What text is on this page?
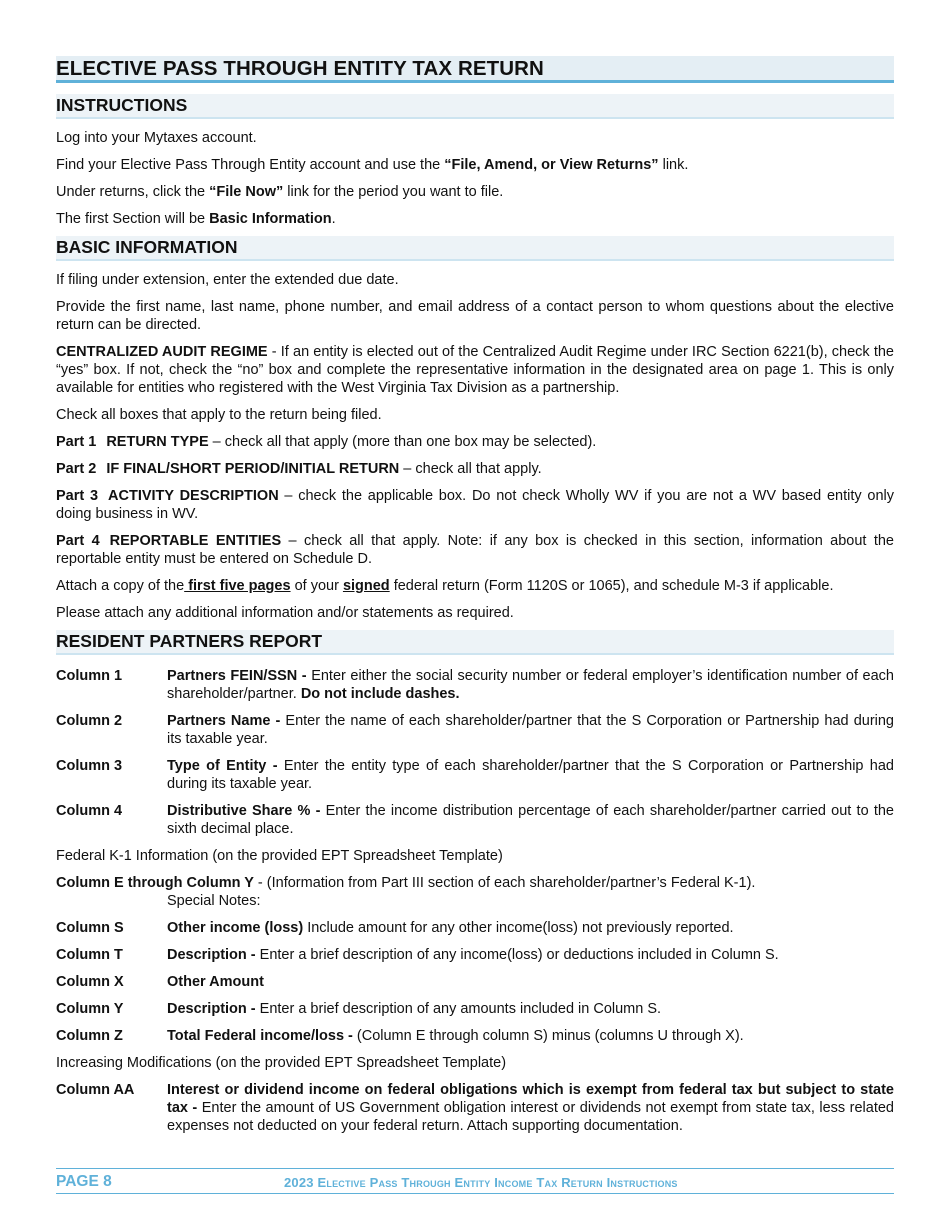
ELECTIVE PASS THROUGH ENTITY TAX RETURN
INSTRUCTIONS

Log into your Mytaxes account.

Find your Elective Pass Through Entity account and use the “File, Amend, or View Returns” link.

Under returns, click the “File Now” link for the period you want to file.

The first Section will be Basic Information.

BASIC INFORMATION

If filing under extension, enter the extended due date.

Provide the first name, last name, phone number, and email address of a contact person to whom questions about the elective return can be directed.

CENTRALIZED AUDIT REGIME - If an entity is elected out of the Centralized Audit Regime under IRC Section 6221(b), check the “yes” box. If not, check the “no” box and complete the representative information in the designated area on page 1. This is only available for entities who registered with the West Virginia Tax Division as a partnership.

Check all boxes that apply to the return being filed.

Part 1 RETURN TYPE – check all that apply (more than one box may be selected).

Part 2 IF FINAL/SHORT PERIOD/INITIAL RETURN – check all that apply.

Part 3 ACTIVITY DESCRIPTION – check the applicable box. Do not check Wholly WV if you are not a WV based entity only doing business in WV.

Part 4 REPORTABLE ENTITIES – check all that apply. Note: if any box is checked in this section, information about the reportable entity must be entered on Schedule D.

Attach a copy of the first five pages of your signed federal return (Form 1120S or 1065), and schedule M-3 if applicable.

Please attach any additional information and/or statements as required.

RESIDENT PARTNERS REPORT
Column 1	Partners FEIN/SSN - Enter either the social security number or federal employer’s identification number of each shareholder/partner. Do not include dashes.
Column 2	Partners Name - Enter the name of each shareholder/partner that the S Corporation or Partnership had during its taxable year.
Column 3	Type of Entity - Enter the entity type of each shareholder/partner that the S Corporation or Partnership had during its taxable year.
Column 4	Distributive Share % - Enter the income distribution percentage of each shareholder/partner carried out to the sixth decimal place.

Federal K-1 Information (on the provided EPT Spreadsheet Template)

Column E through Column Y - (Information from Part III section of each shareholder/partner’s Federal K-1).

Special Notes:

Column S	Other income (loss) Include amount for any other income(loss) not previously reported.
Column T	Description - Enter a brief description of any income(loss) or deductions included in Column S.
Column X	Other Amount
Column Y	Description - Enter a brief description of any amounts included in Column S.
Column Z	Total Federal income/loss - (Column E through column S) minus (columns U through X).

Increasing Modifications (on the provided EPT Spreadsheet Template)

Column AA	Interest or dividend income on federal obligations which is exempt from federal tax but subject to state tax - Enter the amount of US Government obligation interest or dividends not exempt from state tax, less related expenses not deducted on your federal return. Attach supporting documentation.
PAGE 8	2023 Elective Pass Through Entity Income Tax Return Instructions
